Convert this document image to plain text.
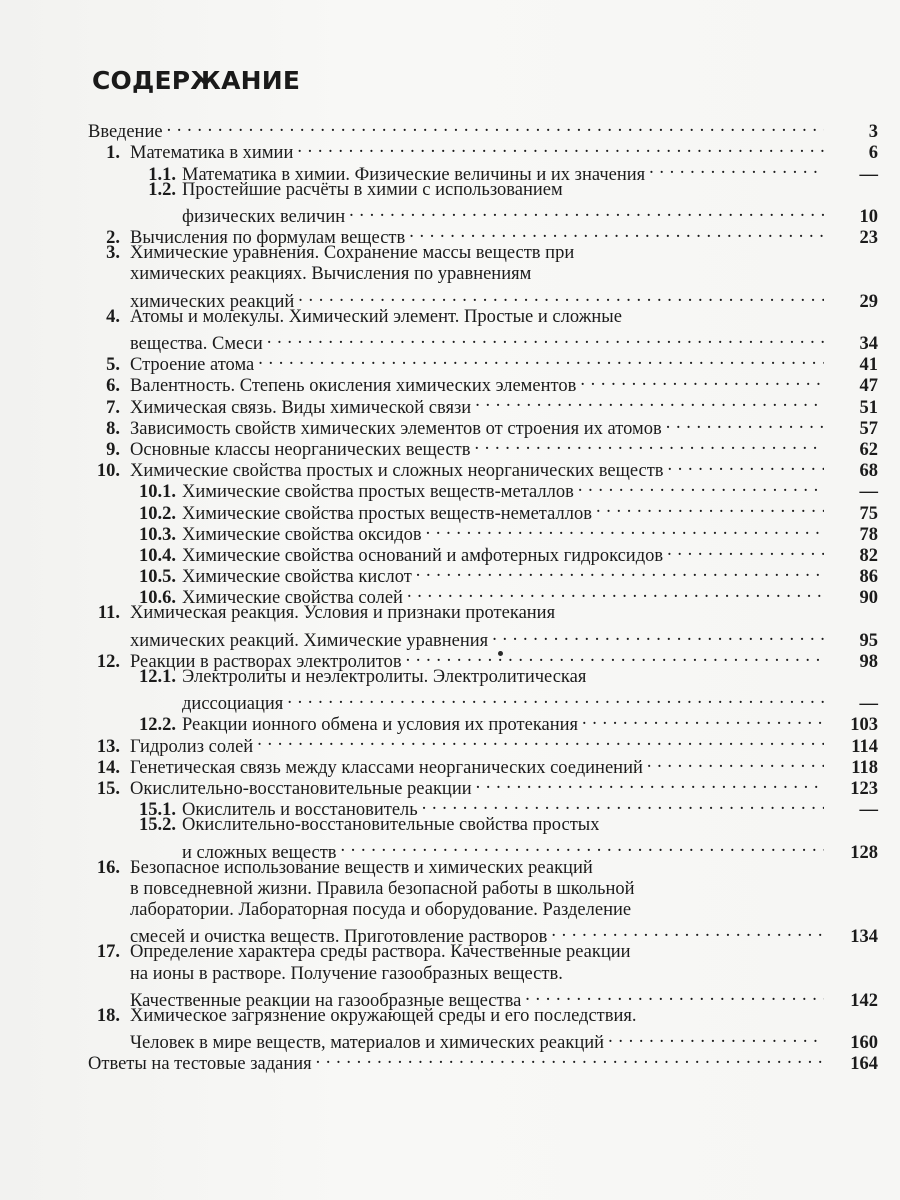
СОДЕРЖАНИЕ
Введение . . .	3
1. Математика в химии . . .	6
1.1. Математика в химии. Физические величины и их значения . . .	—
1.2. Простейшие расчёты в химии с использованием
физических величин . . .	10
2. Вычисления по формулам веществ . . .	23
3. Химические уравнения. Сохранение массы веществ при
химических реакциях. Вычисления по уравнениям
химических реакций . . .	29
4. Атомы и молекулы. Химический элемент. Простые и сложные
вещества. Смеси . . .	34
5. Строение атома . . .	41
6. Валентность. Степень окисления химических элементов . . .	47
7. Химическая связь. Виды химической связи . . .	51
8. Зависимость свойств химических элементов от строения их атомов . . .	57
9. Основные классы неорганических веществ . . .	62
10. Химические свойства простых и сложных неорганических веществ . . .	68
10.1. Химические свойства простых веществ-металлов . . .	—
10.2. Химические свойства простых веществ-неметаллов . . .	75
10.3. Химические свойства оксидов . . .	78
10.4. Химические свойства оснований и амфотерных гидроксидов . . .	82
10.5. Химические свойства кислот . . .	86
10.6. Химические свойства солей . . .	90
11. Химическая реакция. Условия и признаки протекания
химических реакций. Химические уравнения . . .	95
12. Реакции в растворах электролитов . . .	98
12.1. Электролиты и неэлектролиты. Электролитическая
диссоциация . . .	—
12.2. Реакции ионного обмена и условия их протекания . . .	103
13. Гидролиз солей . . .	114
14. Генетическая связь между классами неорганических соединений . . .	118
15. Окислительно-восстановительные реакции . . .	123
15.1. Окислитель и восстановитель . . .	—
15.2. Окислительно-восстановительные свойства простых
и сложных веществ . . .	128
16. Безопасное использование веществ и химических реакций
в повседневной жизни. Правила безопасной работы в школьной
лаборатории. Лабораторная посуда и оборудование. Разделение
смесей и очистка веществ. Приготовление растворов . . .	134
17. Определение характера среды раствора. Качественные реакции
на ионы в растворе. Получение газообразных веществ.
Качественные реакции на газообразные вещества . . .	142
18. Химическое загрязнение окружающей среды и его последствия.
Человек в мире веществ, материалов и химических реакций . . .	160
Ответы на тестовые задания . . .	164
